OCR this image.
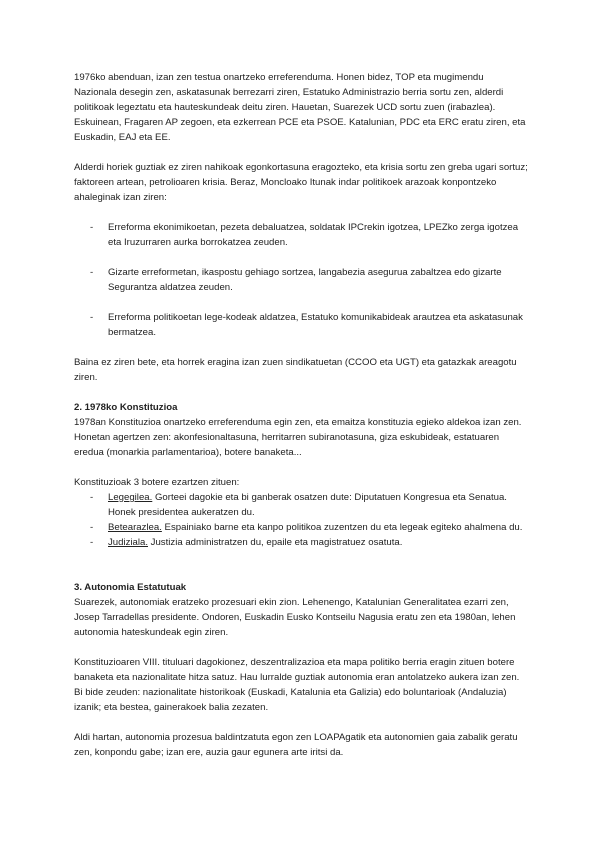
1976ko abenduan, izan zen testua onartzeko erreferenduma. Honen bidez, TOP eta mugimendu Nazionala desegin zen, askatasunak berrezarri ziren, Estatuko Administrazio berria sortu zen, alderdi politikoak legeztatu eta hauteskundeak deitu ziren. Hauetan, Suarezek UCD sortu zuen (irabazlea). Eskuinean, Fragaren AP zegoen, eta ezkerrean PCE eta PSOE. Katalunian, PDC eta ERC eratu ziren, eta Euskadin, EAJ eta EE.

Alderdi horiek guztiak ez ziren nahikoak egonkortasuna eragozteko, eta krisia sortu zen greba ugari sortuz; faktoreen artean, petrolioaren krisia. Beraz, Moncloako Itunak indar politikoek arazoak konpontzeko ahaleginak izan ziren:

- Erreforma ekonimikoetan, pezeta debaluatzea, soldatak IPCrekin igotzea, LPEZko zerga igotzea eta Iruzurraren aurka borrokatzea zeuden.
- Gizarte erreformetan, ikaspostu gehiago sortzea, langabezia asegurua zabaltzea edo gizarte Segurantza aldatzea zeuden.
- Erreforma politikoetan lege-kodeak aldatzea, Estatuko komunikabideak arautzea eta askatasunak bermatzea.

Baina ez ziren bete, eta horrek eragina izan zuen sindikatuetan (CCOO eta UGT) eta gatazkak areagotu ziren.

2. 1978ko Konstituzioa

1978an Konstituzioa onartzeko erreferenduma egin zen, eta emaitza konstituzia egieko aldekoa izan zen. Honetan agertzen zen: akonfesionaltasuna, herritarren subiranotasuna, giza eskubideak, estatuaren eredua (monarkia parlamentarioa), botere banaketa...

Konstituzioak 3 botere ezartzen zituen:

- Legegilea. Gorteei dagokie eta bi ganberak osatzen dute: Diputatuen Kongresua eta Senatua. Honek presidentea aukeratzen du.
- Betearazlea. Espainiako barne eta kanpo politikoa zuzentzen du eta legeak egiteko ahalmena du.
- Judiziala. Justizia administratzen du, epaile eta magistratuez osatuta.

3. Autonomia Estatutuak

Suarezek, autonomiak eratzeko prozesuari ekin zion. Lehenengo, Katalunian Generalitatea ezarri zen, Josep Tarradellas presidente. Ondoren, Euskadin Eusko Kontseilu Nagusia eratu zen eta 1980an, lehen autonomia hateskundeak egin ziren.

Konstituzioaren VIII. tituluari dagokionez, deszentralizazioa eta mapa politiko berria eragin zituen botere banaketa eta nazionalitate hitza satuz. Hau lurralde guztiak autonomia eran antolatzeko aukera izan zen. Bi bide zeuden: nazionalitate historikoak (Euskadi, Katalunia eta Galizia) edo boluntarioak (Andaluzia) izanik; eta bestea, gainerakoek balia zezaten.

Aldi hartan, autonomia prozesua baldintzatuta egon zen LOAPAgatik eta autonomien gaia zabalik geratu zen, konpondu gabe; izan ere, auzia gaur egunera arte iritsi da.
